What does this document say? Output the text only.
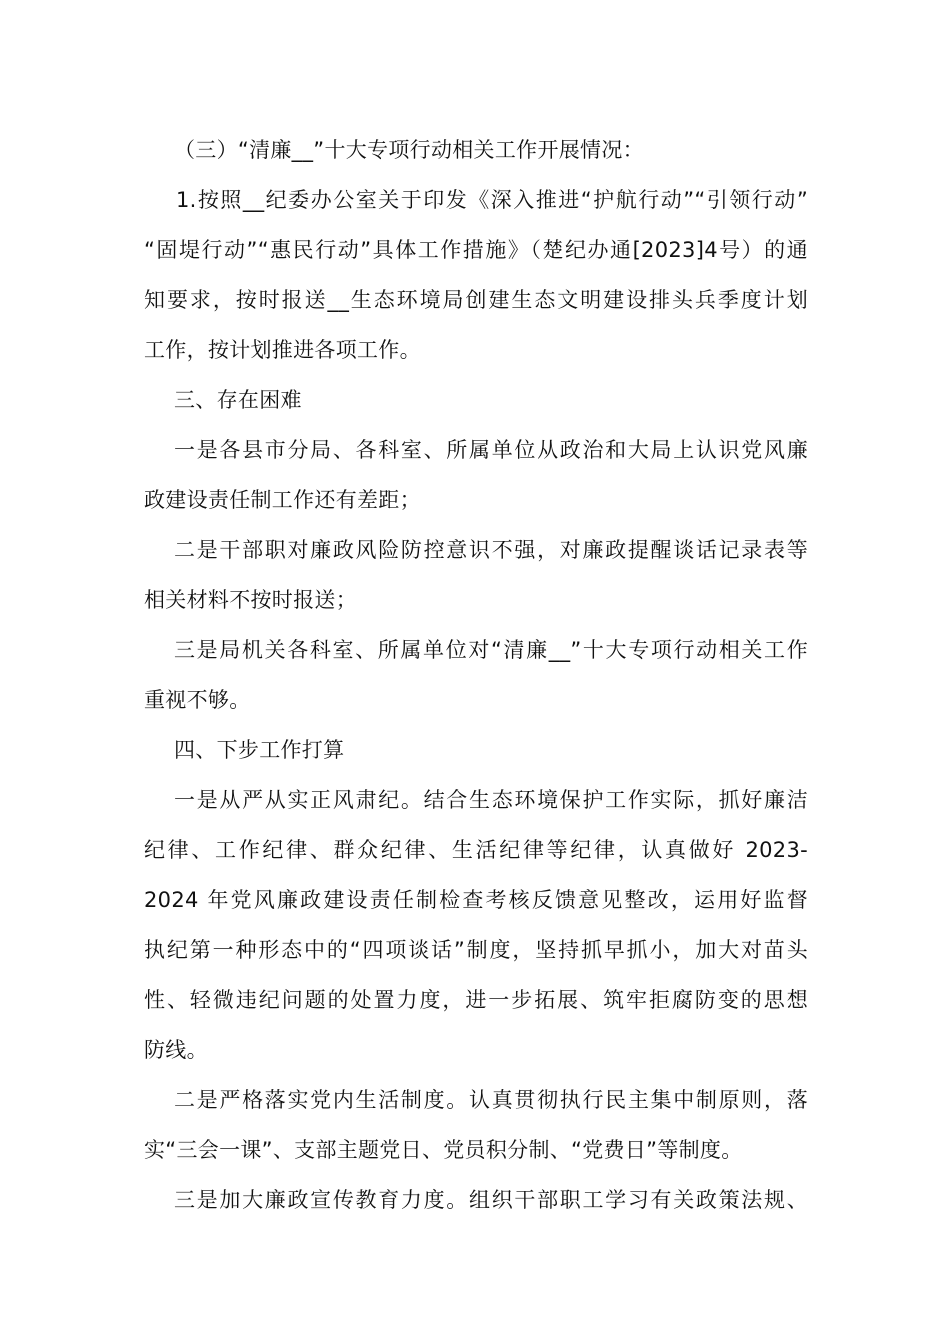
（三）“清廉__”十大专项行动相关工作开展情况：
1.按照__纪委办公室关于印发《深入推进“护航行动”“引领行动”
“固堤行动”“惠民行动”具体工作措施》（楚纪办通[2023]4号）的通
知要求，按时报送__生态环境局创建生态文明建设排头兵季度计划
工作，按计划推进各项工作。
三、存在困难
一是各县市分局、各科室、所属单位从政治和大局上认识党风廉
政建设责任制工作还有差距；
二是干部职对廉政风险防控意识不强，对廉政提醒谈话记录表等
相关材料不按时报送；
三是局机关各科室、所属单位对“清廉__”十大专项行动相关工作
重视不够。
四、下步工作打算
一是从严从实正风肃纪。结合生态环境保护工作实际，抓好廉洁
纪律、工作纪律、群众纪律、生活纪律等纪律，认真做好 2023-
2024 年党风廉政建设责任制检查考核反馈意见整改，运用好监督
执纪第一种形态中的“四项谈话”制度，坚持抓早抓小，加大对苗头
性、轻微违纪问题的处置力度，进一步拓展、筑牢拒腐防变的思想
防线。
二是严格落实党内生活制度。认真贯彻执行民主集中制原则，落
实“三会一课”、支部主题党日、党员积分制、“党费日”等制度。
三是加大廉政宣传教育力度。组织干部职工学习有关政策法规、
